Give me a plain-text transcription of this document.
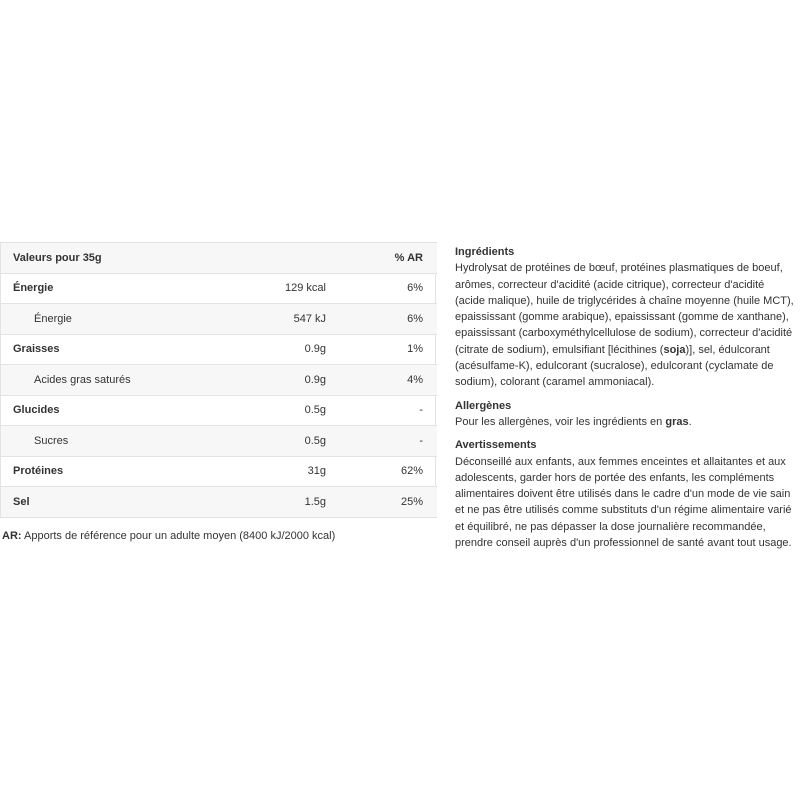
Valeurs pour 35g		% AR
Énergie	129 kcal	6%
Énergie	547 kJ	6%
Graisses	0.9g	1%
Acides gras saturés	0.9g	4%
Glucides	0.5g	-
Sucres	0.5g	-
Protéines	31g	62%
Sel	1.5g	25%
AR: Apports de référence pour un adulte moyen (8400 kJ/2000 kcal)
Ingrédients

Hydrolysat de protéines de bœuf, protéines plasmatiques de boeuf, arômes, correcteur d'acidité (acide citrique), correcteur d'acidité (acide malique), huile de triglycérides à chaîne moyenne (huile MCT), epaississant (gomme arabique), epaississant (gomme de xanthane), epaississant (carboxyméthylcellulose de sodium), correcteur d'acidité (citrate de sodium), emulsifiant [lécithines (soja)], sel, édulcorant (acésulfame-K), edulcorant (sucralose), edulcorant (cyclamate de sodium), colorant (caramel ammoniacal).

Allergènes

Pour les allergènes, voir les ingrédients en gras.

Avertissements

Déconseillé aux enfants, aux femmes enceintes et allaitantes et aux adolescents, garder hors de portée des enfants, les compléments alimentaires doivent être utilisés dans le cadre d'un mode de vie sain et ne pas être utilisés comme substituts d'un régime alimentaire varié et équilibré, ne pas dépasser la dose journalière recommandée, prendre conseil auprès d'un professionnel de santé avant tout usage.
